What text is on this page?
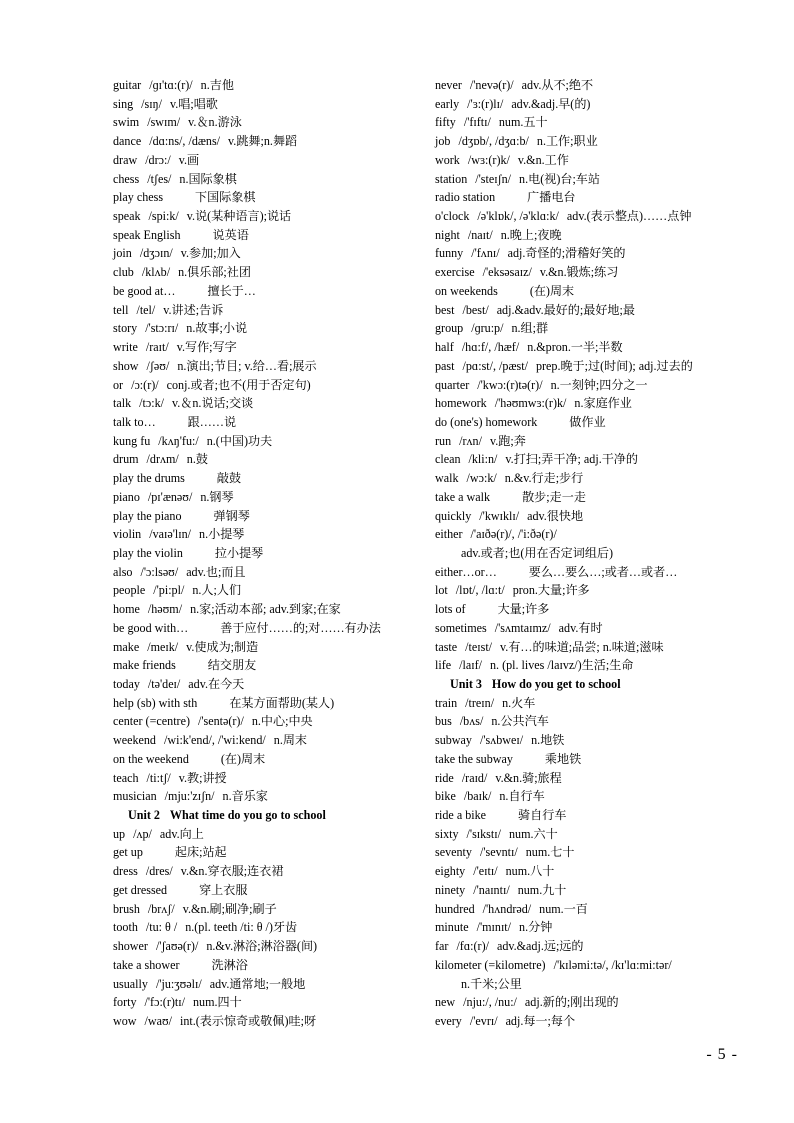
guitar /ɡɪ'tɑ:(r)/ n.吉他
sing /sɪŋ/ v.唱;唱歌
swim /swɪm/ v.＆n.游泳
dance /dɑ:ns/, /dæns/ v.跳舞;n.舞蹈
draw /drɔ:/ v.画
chess /tʃes/ n.国际象棋
play chess	下国际象棋
speak /spi:k/ v.说(某种语言);说话
speak English	说英语
join /dʒɔɪn/ v.参加;加入
club /klʌb/ n.俱乐部;社团
be good at…	擅长于…
tell /tel/ v.讲述;告诉
story /'stɔ:rɪ/ n.故事;小说
write /raɪt/ v.写作;写字
show /ʃəʊ/ n.演出;节目; v.给…看;展示
or /ɔ:(r)/ conj.或者;也不(用于否定句)
talk /tɔ:k/ v.＆n.说话;交谈
talk to…	跟……说
kung fu /kʌŋ'fu:/ n.(中国)功夫
drum /drʌm/ n.鼓
play the drums	敲鼓
piano /pɪ'ænəʊ/ n.钢琴
play the piano	弹钢琴
violin /vaɪə'lɪn/ n.小提琴
play the violin	拉小提琴
also /'ɔ:lsəʊ/ adv.也;而且
people /'pi:pl/ n.人;人们
home /həʊm/ n.家;活动本部; adv.到家;在家
be good with…	善于应付……的;对……有办法
make /meɪk/ v.使成为;制造
make friends	结交朋友
today /tə'deɪ/ adv.在今天
help (sb) with sth	在某方面帮助(某人)
center (=centre) /'sentə(r)/ n.中心;中央
weekend /wi:k'end/, /'wi:kend/ n.周末
on the weekend	(在)周末
teach /ti:tʃ/ v.教;讲授
musician /mju:'zɪʃn/ n.音乐家
Unit 2 What time do you go to school
up /ʌp/ adv.向上
get up	起床;站起
dress /dres/ v.&n.穿衣服;连衣裙
get dressed	穿上衣服
brush /brʌʃ/ v.&n.刷;刷净;刷子
tooth /tu: θ / n.(pl. teeth /ti: θ /)牙齿
shower /'ʃaʊə(r)/ n.&v.淋浴;淋浴器(间)
take a shower	洗淋浴
usually /'ju:ʒʊəlɪ/ adv.通常地;一般地
forty /'fɔ:(r)tɪ/ num.四十
wow /waʊ/ int.(表示惊奇或敬佩)哇;呀
never /'nevə(r)/ adv.从不;绝不
early /'ɜ:(r)lɪ/ adv.&adj.早(的)
fifty /'fɪftɪ/ num.五十
job /dʒɒb/, /dʒɑ:b/ n.工作;职业
work /wɜ:(r)k/ v.&n.工作
station /'steɪʃn/ n.电(视)台;车站
radio station	广播电台
o'clock /ə'klɒk/, /ə'klɑ:k/ adv.(表示整点)……点钟
night /naɪt/ n.晚上;夜晚
funny /'fʌnɪ/ adj.奇怪的;滑稽好笑的
exercise /'eksəsaɪz/ v.&n.锻炼;练习
on weekends	(在)周末
best /best/ adj.&adv.最好的;最好地;最
group /ɡru:p/ n.组;群
half /hɑ:f/, /hæf/ n.&pron.一半;半数
past /pɑ:st/, /pæst/ prep.晚于;过(时间); adj.过去的
quarter /'kwɔ:(r)tə(r)/ n.一刻钟;四分之一
homework /'həʊmwɜ:(r)k/ n.家庭作业
do (one's) homework	做作业
run /rʌn/ v.跑;奔
clean /kli:n/ v.打扫;弄干净; adj.干净的
walk /wɔ:k/ n.&v.行走;步行
take a walk	散步;走一走
quickly /'kwɪklɪ/ adv.很快地
either /'aɪðə(r)/, /'i:ðə(r)/
adv.或者;也(用在否定词组后)
either…or…	要么…要么…;或者…或者…
lot /lɒt/, /lɑ:t/ pron.大量;许多
lots of	大量;许多
sometimes /'sʌmtaɪmz/ adv.有时
taste /teɪst/ v.有…的味道;品尝; n.味道;滋味
life /laɪf/ n. (pl. lives /laɪvz/)生活;生命
Unit 3 How do you get to school
train /treɪn/ n.火车
bus /bʌs/ n.公共汽车
subway /'sʌbweɪ/ n.地铁
take the subway	乘地铁
ride /raɪd/ v.&n.骑;旅程
bike /baɪk/ n.自行车
ride a bike	骑自行车
sixty /'sɪkstɪ/ num.六十
seventy /'sevntɪ/ num.七十
eighty /'eɪtɪ/ num.八十
ninety /'naɪntɪ/ num.九十
hundred /'hʌndrəd/ num.一百
minute /'mɪnɪt/ n.分钟
far /fɑ:(r)/ adv.&adj.远;远的
kilometer (=kilometre) /'kɪləmi:tə/, /kɪ'lɑ:mi:tər/
n.千米;公里
new /nju:/, /nu:/ adj.新的;刚出现的
every /'evrɪ/ adj.每一;每个
- 5 -
